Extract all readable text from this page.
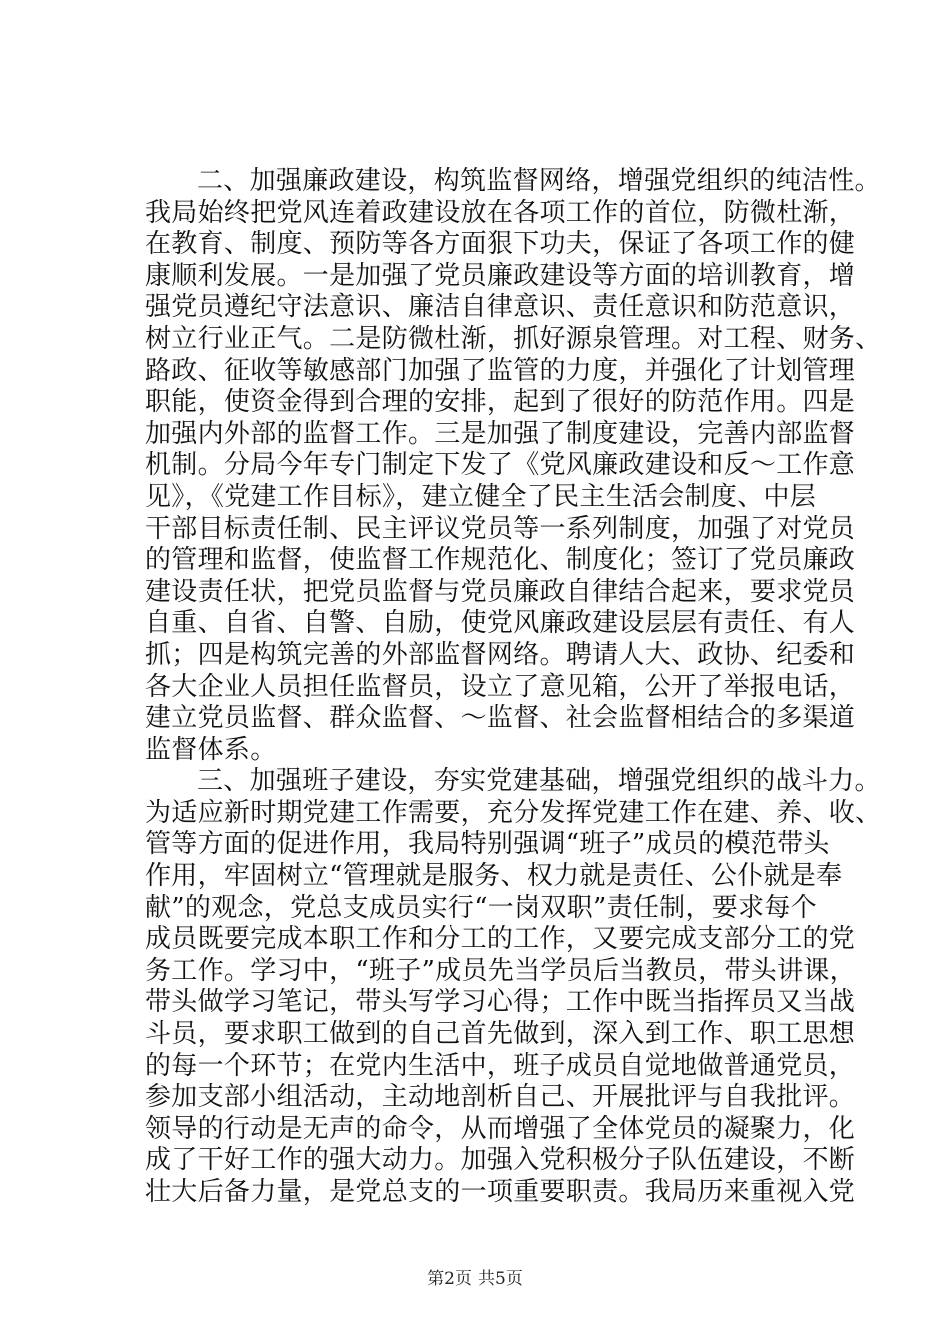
二、加强廉政建设，构筑监督网络，增强党组织的纯洁性。
我局始终把党风连着政建设放在各项工作的首位，防微杜渐，
在教育、制度、预防等各方面狠下功夫，保证了各项工作的健
康顺利发展。一是加强了党员廉政建设等方面的培训教育，增
强党员遵纪守法意识、廉洁自律意识、责任意识和防范意识，
树立行业正气。二是防微杜渐，抓好源泉管理。对工程、财务、
路政、征收等敏感部门加强了监管的力度，并强化了计划管理
职能，使资金得到合理的安排，起到了很好的防范作用。四是
加强内外部的监督工作。三是加强了制度建设，完善内部监督
机制。分局今年专门制定下发了《党风廉政建设和反～工作意
见》，《党建工作目标》，建立健全了民主生活会制度、中层
干部目标责任制、民主评议党员等一系列制度，加强了对党员
的管理和监督，使监督工作规范化、制度化；签订了党员廉政
建设责任状，把党员监督与党员廉政自律结合起来，要求党员
自重、自省、自警、自励，使党风廉政建设层层有责任、有人
抓；四是构筑完善的外部监督网络。聘请人大、政协、纪委和
各大企业人员担任监督员，设立了意见箱，公开了举报电话，
建立党员监督、群众监督、～监督、社会监督相结合的多渠道
监督体系。
三、加强班子建设，夯实党建基础，增强党组织的战斗力。
为适应新时期党建工作需要，充分发挥党建工作在建、养、收、
管等方面的促进作用，我局特别强调“班子”成员的模范带头
作用，牢固树立“管理就是服务、权力就是责任、公仆就是奉
献”的观念，党总支成员实行“一岗双职”责任制，要求每个
成员既要完成本职工作和分工的工作，又要完成支部分工的党
务工作。学习中，“班子”成员先当学员后当教员，带头讲课，
带头做学习笔记，带头写学习心得；工作中既当指挥员又当战
斗员，要求职工做到的自己首先做到，深入到工作、职工思想
的每一个环节；在党内生活中，班子成员自觉地做普通党员，
参加支部小组活动，主动地剖析自己、开展批评与自我批评。
领导的行动是无声的命令，从而增强了全体党员的凝聚力，化
成了干好工作的强大动力。加强入党积极分子队伍建设，不断
壮大后备力量，是党总支的一项重要职责。我局历来重视入党
第2页 共5页
